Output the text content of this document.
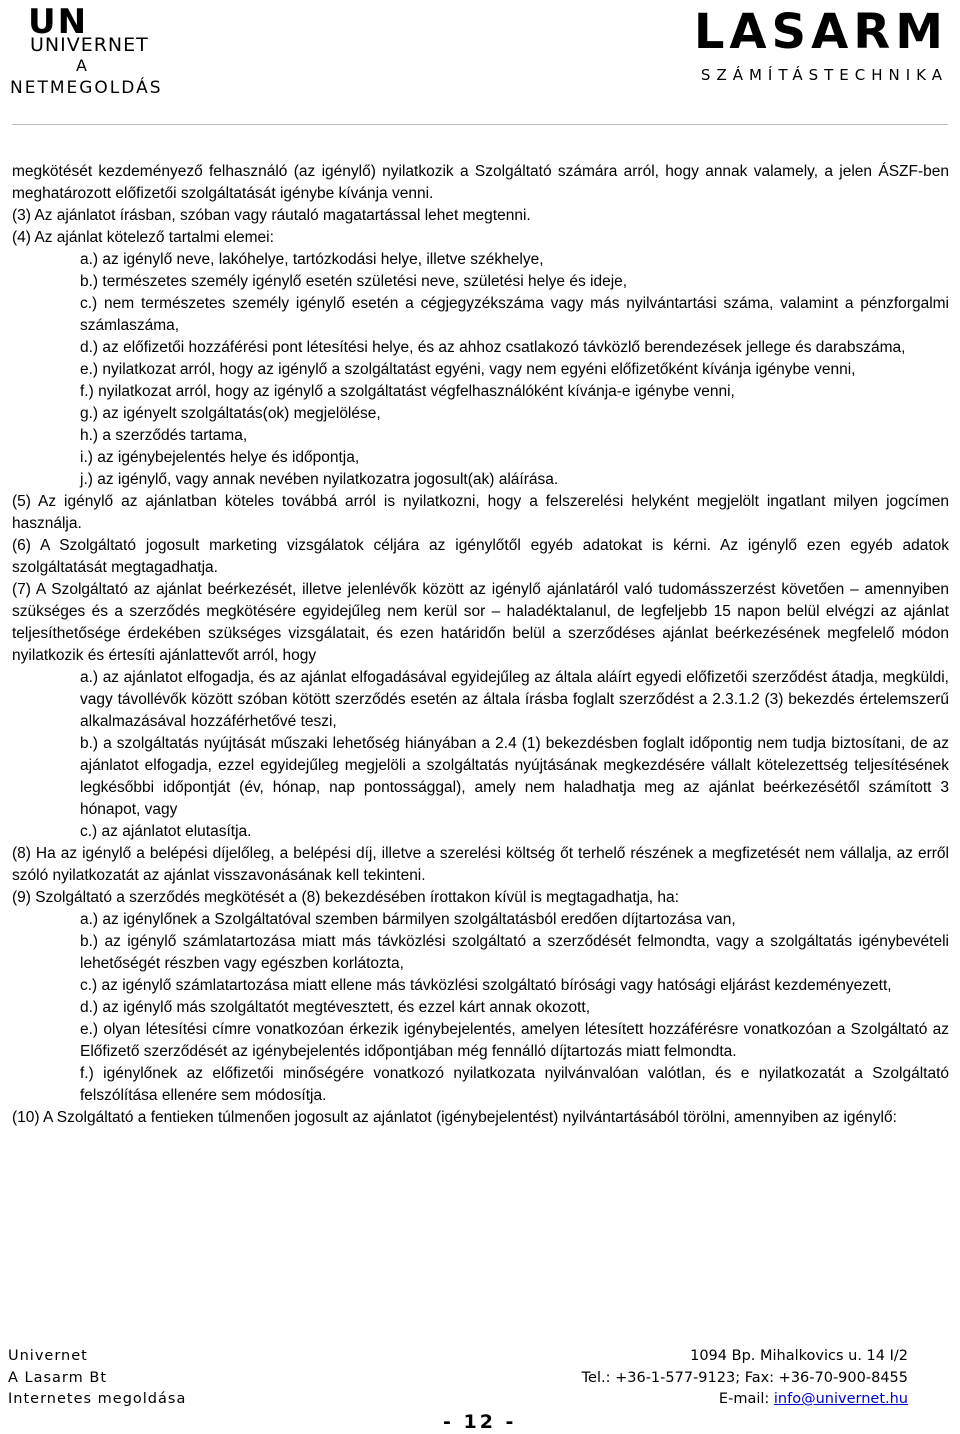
UN
UNIVERNET
A
NETMEGOLDÁS
LASARM
SZÁMÍTÁSTECHNIKA

megkötését kezdeményező felhasználó (az igénylő) nyilatkozik a Szolgáltató számára arról, hogy annak valamely, a jelen ÁSZF-ben meghatározott előfizetői szolgáltatását igénybe kívánja venni.

(3) Az ajánlatot írásban, szóban vagy ráutaló magatartással lehet megtenni.

(4) Az ajánlat kötelező tartalmi elemei:

a.) az igénylő neve, lakóhelye, tartózkodási helye, illetve székhelye,

b.) természetes személy igénylő esetén születési neve, születési helye és ideje,

c.) nem természetes személy igénylő esetén a cégjegyzékszáma vagy más nyilvántartási száma, valamint a pénzforgalmi számlaszáma,

d.) az előfizetői hozzáférési pont létesítési helye, és az ahhoz csatlakozó távközlő berendezések jellege és darabszáma,

e.) nyilatkozat arról, hogy az igénylő a szolgáltatást egyéni, vagy nem egyéni előfizetőként kívánja igénybe venni,

f.) nyilatkozat arról, hogy az igénylő a szolgáltatást végfelhasználóként kívánja-e igénybe venni,

g.) az igényelt szolgáltatás(ok) megjelölése,

h.) a szerződés tartama,

i.) az igénybejelentés helye és időpontja,

j.) az igénylő, vagy annak nevében nyilatkozatra jogosult(ak) aláírása.

(5) Az igénylő az ajánlatban köteles továbbá arról is nyilatkozni, hogy a felszerelési helyként megjelölt ingatlant milyen jogcímen használja.

(6) A Szolgáltató jogosult marketing vizsgálatok céljára az igénylőtől egyéb adatokat is kérni. Az igénylő ezen egyéb adatok szolgáltatását megtagadhatja.

(7) A Szolgáltató az ajánlat beérkezését, illetve jelenlévők között az igénylő ajánlatáról való tudomásszerzést követően – amennyiben szükséges és a szerződés megkötésére egyidejűleg nem kerül sor – haladéktalanul, de legfeljebb 15 napon belül elvégzi az ajánlat teljesíthetősége érdekében szükséges vizsgálatait, és ezen határidőn belül a szerződéses ajánlat beérkezésének megfelelő módon nyilatkozik és értesíti ajánlattevőt arról, hogy

a.) az ajánlatot elfogadja, és az ajánlat elfogadásával egyidejűleg az általa aláírt egyedi előfizetői szerződést átadja, megküldi, vagy távollévők között szóban kötött szerződés esetén az általa írásba foglalt szerződést a 2.3.1.2 (3) bekezdés értelemszerű alkalmazásával hozzáférhetővé teszi,

b.) a szolgáltatás nyújtását műszaki lehetőség hiányában a 2.4 (1) bekezdésben foglalt időpontig nem tudja biztosítani, de az ajánlatot elfogadja, ezzel egyidejűleg megjelöli a szolgáltatás nyújtásának megkezdésére vállalt kötelezettség teljesítésének legkésőbbi időpontját (év, hónap, nap pontossággal), amely nem haladhatja meg az ajánlat beérkezésétől számított 3 hónapot, vagy

c.) az ajánlatot elutasítja.

(8) Ha az igénylő a belépési díjelőleg, a belépési díj, illetve a szerelési költség őt terhelő részének a megfizetését nem vállalja, az erről szóló nyilatkozatát az ajánlat visszavonásának kell tekinteni.

(9) Szolgáltató a szerződés megkötését a (8) bekezdésében írottakon kívül is megtagadhatja, ha:

a.) az igénylőnek a Szolgáltatóval szemben bármilyen szolgáltatásból eredően díjtartozása van,

b.) az igénylő számlatartozása miatt más távközlési szolgáltató a szerződését felmondta, vagy a szolgáltatás igénybevételi lehetőségét részben vagy egészben korlátozta,

c.) az igénylő számlatartozása miatt ellene más távközlési szolgáltató bírósági vagy hatósági eljárást kezdeményezett,

d.) az igénylő más szolgáltatót megtévesztett, és ezzel kárt annak okozott,

e.) olyan létesítési címre vonatkozóan érkezik igénybejelentés, amelyen létesített hozzáférésre vonatkozóan a Szolgáltató az Előfizető szerződését az igénybejelentés időpontjában még fennálló díjtartozás miatt felmondta.

f.) igénylőnek az előfizetői minőségére vonatkozó nyilatkozata nyilvánvalóan valótlan, és e nyilatkozatát a Szolgáltató felszólítása ellenére sem módosítja.

(10) A Szolgáltató a fentieken túlmenően jogosult az ajánlatot (igénybejelentést) nyilvántartásából törölni, amennyiben az igénylő:

Univernet
A Lasarm Bt
Internetes megoldása
1094 Bp. Mihalkovics u. 14 I/2
Tel.: +36-1-577-9123; Fax: +36-70-900-8455
E-mail: info@univernet.hu
- 12 -
